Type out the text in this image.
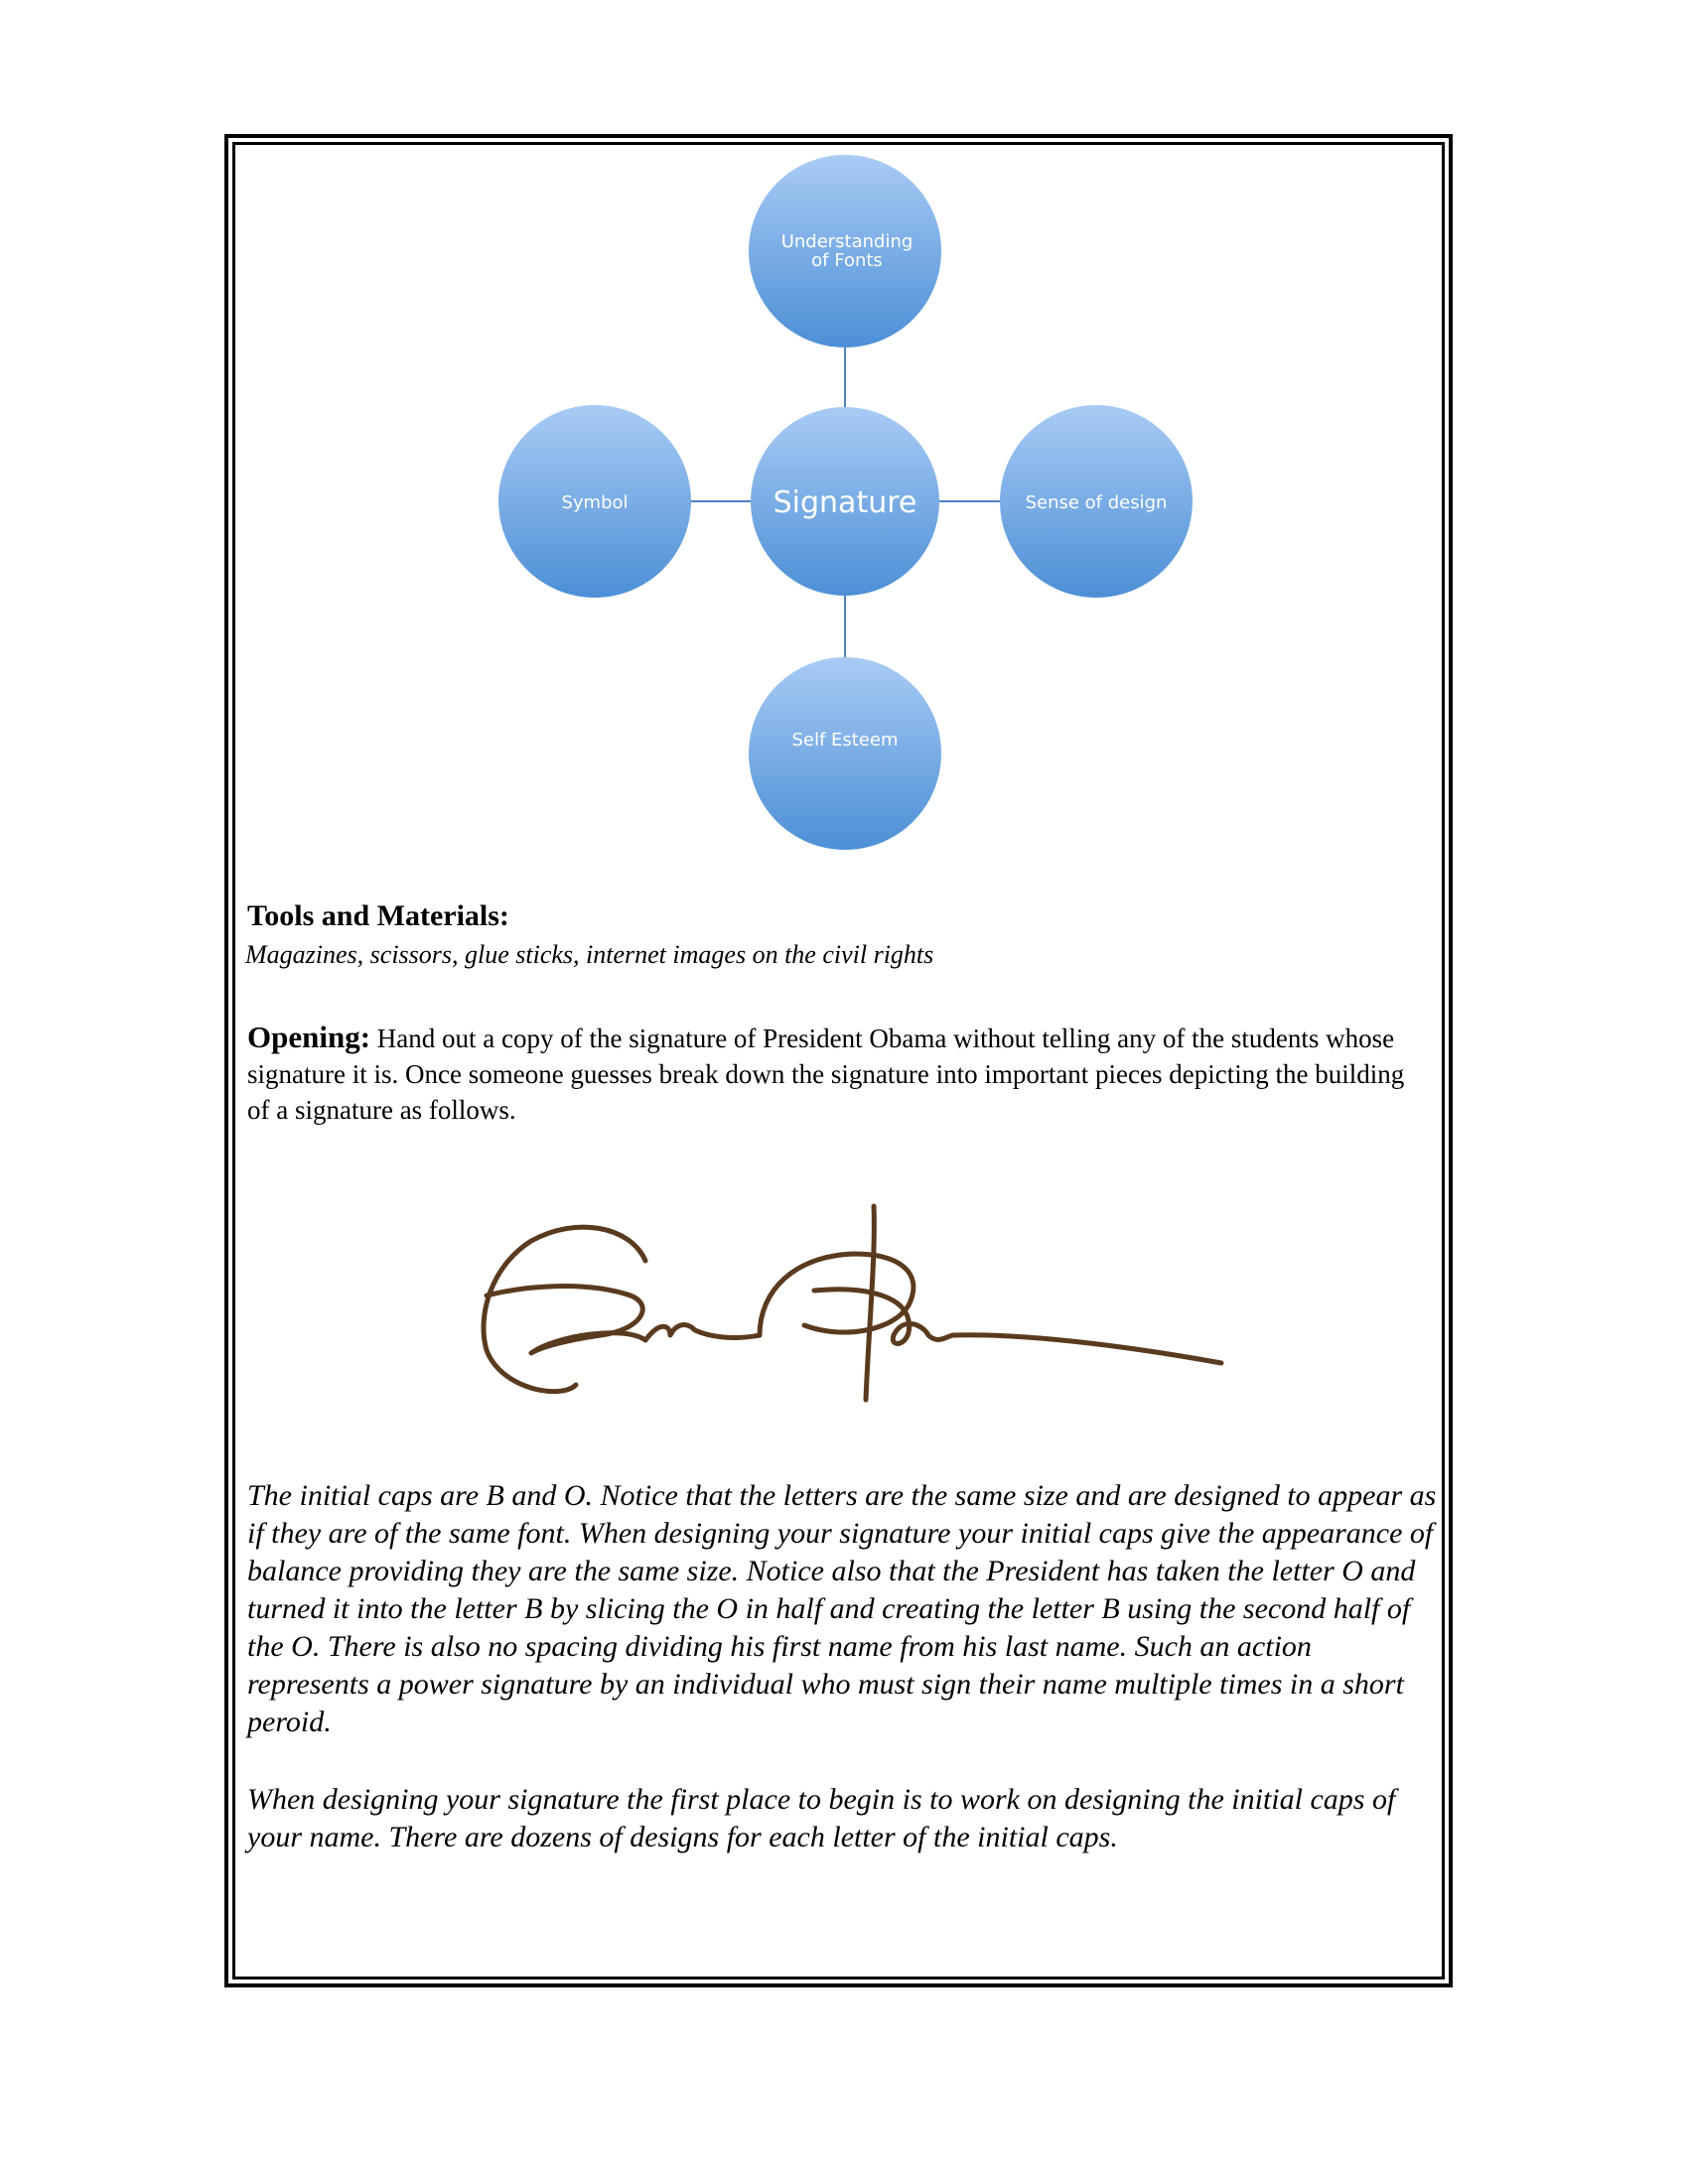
Understanding
of Fonts
Symbol	Signature	Sense of design
Self Esteem
Tools and Materials:

Magazines, scissors, glue sticks, internet images on the civil rights

Opening: Hand out a copy of the signature of President Obama without telling any of the students whose signature it is. Once someone guesses break down the signature into important pieces depicting the building of a signature as follows.

The initial caps are B and O. Notice that the letters are the same size and are designed to appear as if they are of the same font. When designing your signature your initial caps give the appearance of balance providing they are the same size. Notice also that the President has taken the letter O and turned it into the letter B by slicing the O in half and creating the letter B using the second half of the O. There is also no spacing dividing his first name from his last name. Such an action represents a power signature by an individual who must sign their name multiple times in a short peroid.

When designing your signature the first place to begin is to work on designing the initial caps of your name. There are dozens of designs for each letter of the initial caps.
